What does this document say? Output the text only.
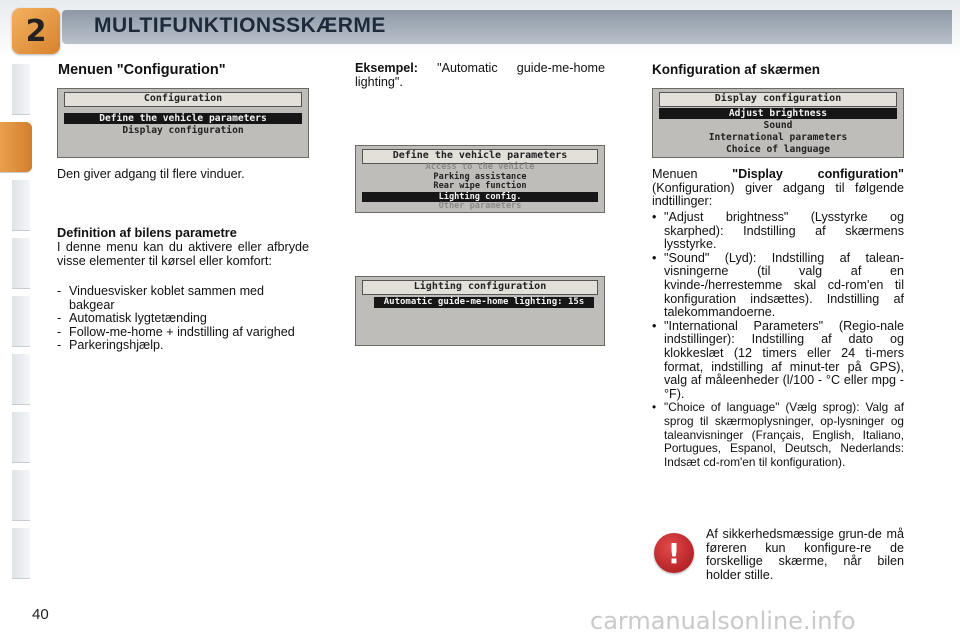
2 MULTIFUNKTIONSSKÆRME
Menuen "Configuration"
Configuration
Define the vehicle parameters
Display configuration
Den giver adgang til flere vinduer.
Definition af bilens parametre
I denne menu kan du aktivere eller afbryde visse elementer til kørsel eller komfort:
- Vinduesvisker koblet sammen med bakgear
- Automatisk lygtetænding
- Follow-me-home + indstilling af varighed
- Parkeringshjælp.
Eksempel: "Automatic guide-me-home lighting".
Define the vehicle parameters
Access to the vehicle
Parking assistance
Rear wipe function
Lighting config.
Other parameters
Lighting configuration
Automatic guide-me-home lighting: 15s
Konfiguration af skærmen
Display configuration
Adjust brightness
Sound
International parameters
Choice of language
Menuen	"Display configuration" (Konfiguration) giver adgang til følgende indtillinger:
• "Adjust brightness" (Lysstyrke og skarphed): Indstilling af skærmens lysstyrke.
• "Sound" (Lyd): Indstilling af talean-visningerne (til valg af en kvinde-/herrestemme skal cd-rom'en til konfiguration indsættes). Indstilling af talekommandoerne.
• "International Parameters" (Regio-nale indstillinger): Indstilling af dato og klokkeslæt (12 timers eller 24 ti-mers format, indstilling af minut-ter på GPS), valg af måleenheder (l/100 - °C eller mpg - °F).
• "Choice of language" (Vælg sprog): Valg af sprog til skærmoplysninger, op-lysninger og taleanvisninger (Français, English, Italiano, Portugues, Espanol, Deutsch, Nederlands: Indsæt cd-rom'en til konfiguration).
!
Af sikkerhedsmæssige grun-de må føreren kun konfigure-re de forskellige skærme, når bilen holder stille.
40	carmanualsonline.info
